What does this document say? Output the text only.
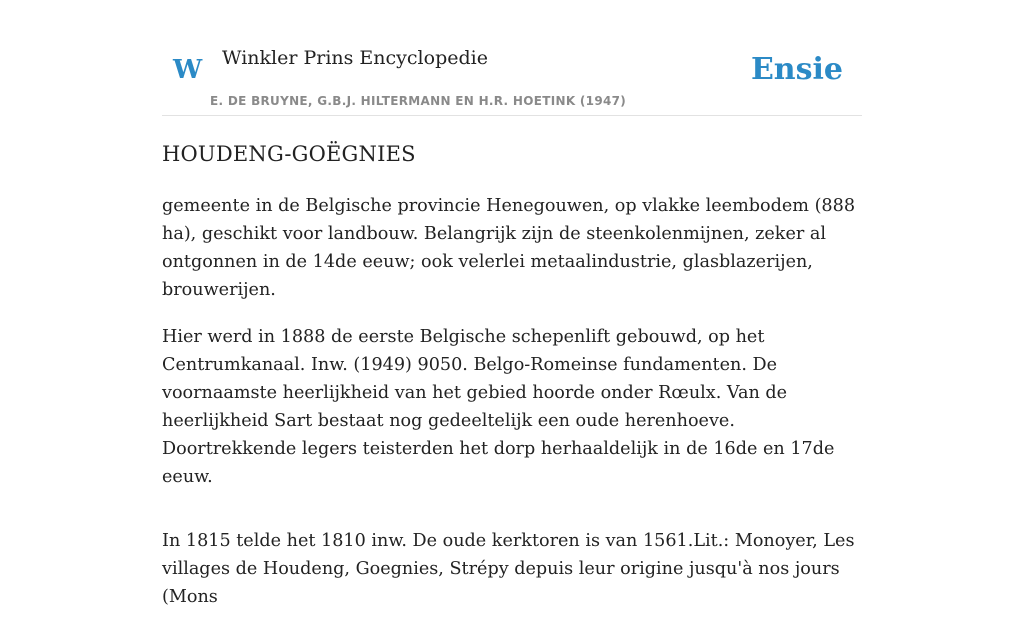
W Winkler Prins Encyclopedie	Ensie
E. DE BRUYNE, G.B.J. HILTERMANN EN H.R. HOETINK (1947)
HOUDENG-GOËGNIES

gemeente in de Belgische provincie Henegouwen, op vlakke leembodem (888 ha), geschikt voor landbouw. Belangrijk zijn de steenkolenmijnen, zeker al ontgonnen in de 14de eeuw; ook velerlei metaalindustrie, glasblazerijen, brouwerijen.

Hier werd in 1888 de eerste Belgische schepenlift gebouwd, op het Centrumkanaal. Inw. (1949) 9050. Belgo-Romeinse fundamenten. De voornaamste heerlijkheid van het gebied hoorde onder Rœulx. Van de heerlijkheid Sart bestaat nog gedeeltelijk een oude herenhoeve. Doortrekkende legers teisterden het dorp herhaaldelijk in de 16de en 17de eeuw.

In 1815 telde het 1810 inw. De oude kerktoren is van 1561.Lit.: Monoyer, Les villages de Houdeng, Goegnies, Strépy depuis leur origine jusqu'à nos jours (Mons
